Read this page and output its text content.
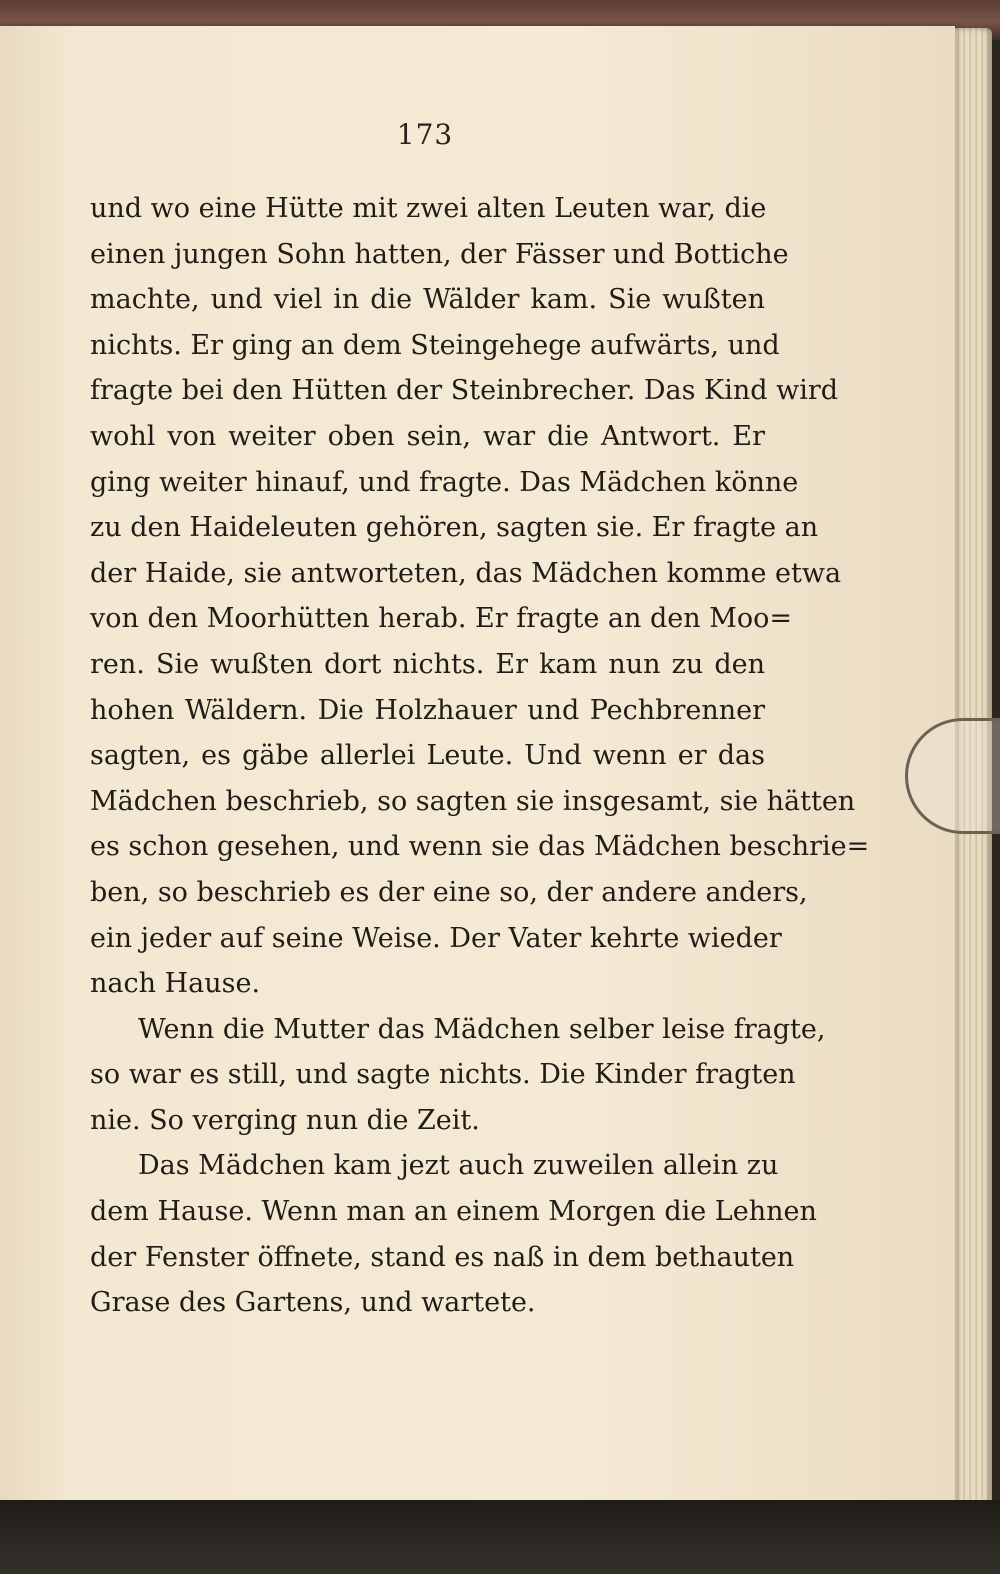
173
und wo eine Hütte mit zwei alten Leuten war, die
einen jungen Sohn hatten, der Fässer und Bottiche
machte, und viel in die Wälder kam. Sie wußten
nichts. Er ging an dem Steingehege aufwärts, und
fragte bei den Hütten der Steinbrecher. Das Kind wird
wohl von weiter oben sein, war die Antwort. Er
ging weiter hinauf, und fragte. Das Mädchen könne
zu den Haideleuten gehören, sagten sie. Er fragte an
der Haide, sie antworteten, das Mädchen komme etwa
von den Moorhütten herab. Er fragte an den Moo=
ren. Sie wußten dort nichts. Er kam nun zu den
hohen Wäldern. Die Holzhauer und Pechbrenner
sagten, es gäbe allerlei Leute. Und wenn er das
Mädchen beschrieb, so sagten sie insgesamt, sie hätten
es schon gesehen, und wenn sie das Mädchen beschrie=
ben, so beschrieb es der eine so, der andere anders,
ein jeder auf seine Weise. Der Vater kehrte wieder
nach Hause.
Wenn die Mutter das Mädchen selber leise fragte,
so war es still, und sagte nichts. Die Kinder fragten
nie. So verging nun die Zeit.
Das Mädchen kam jezt auch zuweilen allein zu
dem Hause. Wenn man an einem Morgen die Lehnen
der Fenster öffnete, stand es naß in dem bethauten
Grase des Gartens, und wartete.
